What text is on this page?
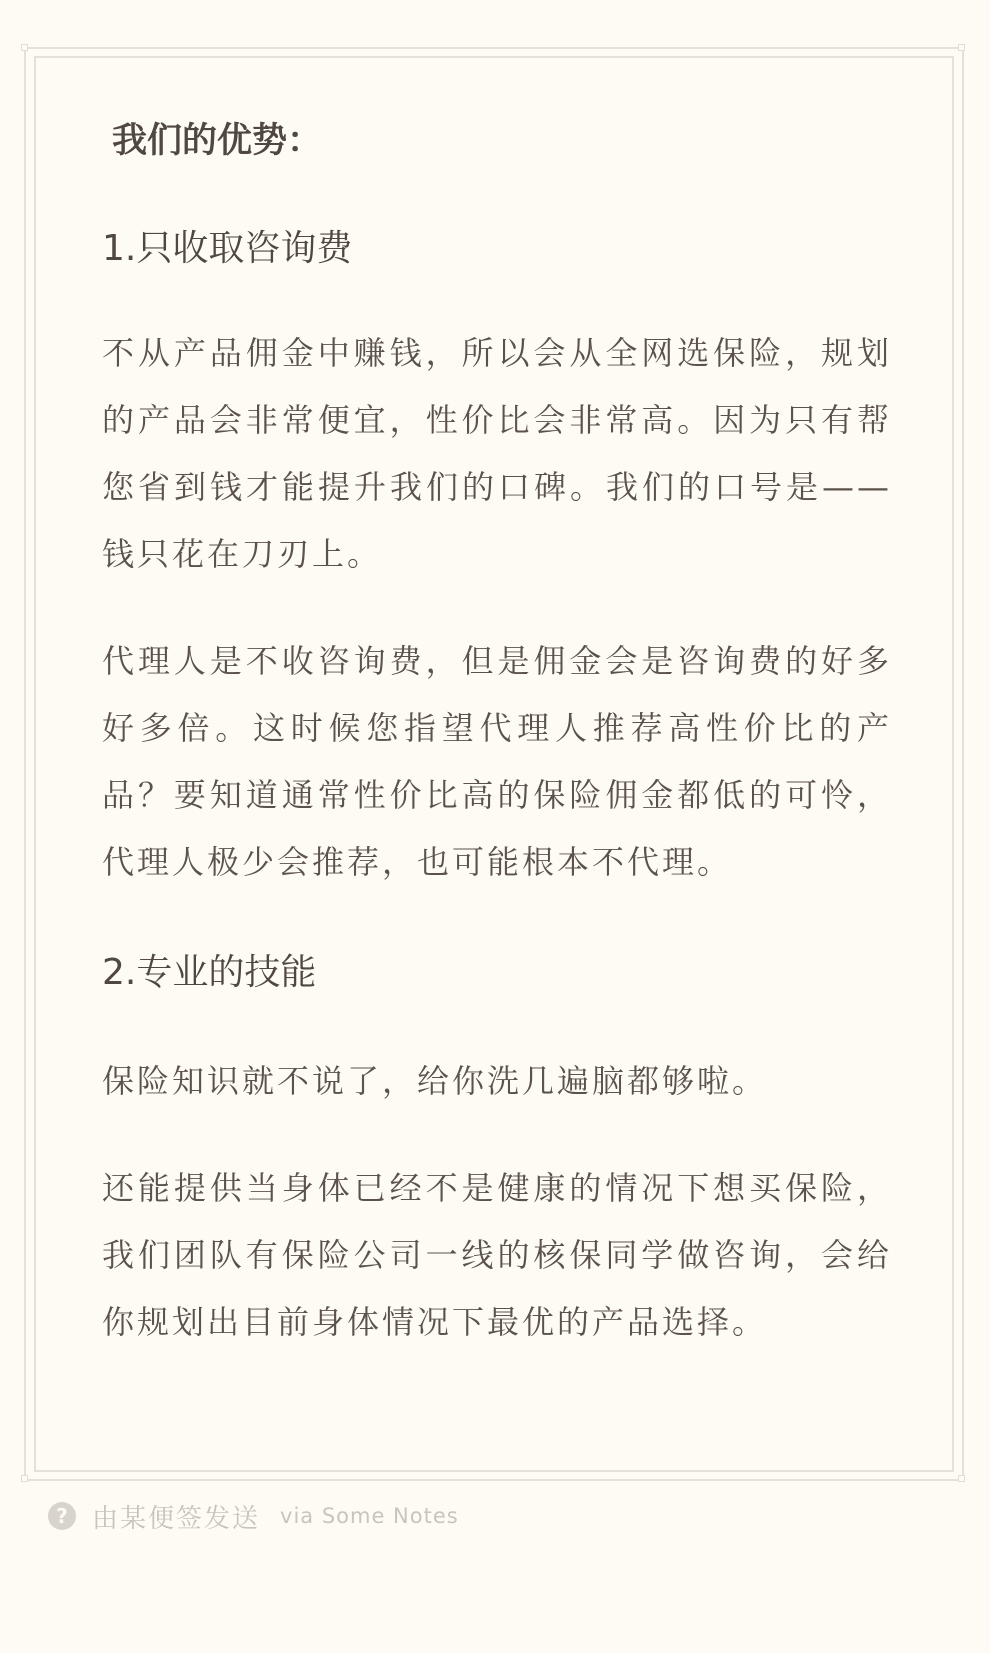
我们的优势：
1.只收取咨询费

不从产品佣金中赚钱，所以会从全网选保险，规划的产品会非常便宜，性价比会非常高。因为只有帮您省到钱才能提升我们的口碑。我们的口号是——钱只花在刀刃上。

代理人是不收咨询费，但是佣金会是咨询费的好多好多倍。这时候您指望代理人推荐高性价比的产品？要知道通常性价比高的保险佣金都低的可怜，代理人极少会推荐，也可能根本不代理。

2.专业的技能

保险知识就不说了，给你洗几遍脑都够啦。

还能提供当身体已经不是健康的情况下想买保险，我们团队有保险公司一线的核保同学做咨询，会给你规划出目前身体情况下最优的产品选择。

? 由某便签发送 via Some Notes
